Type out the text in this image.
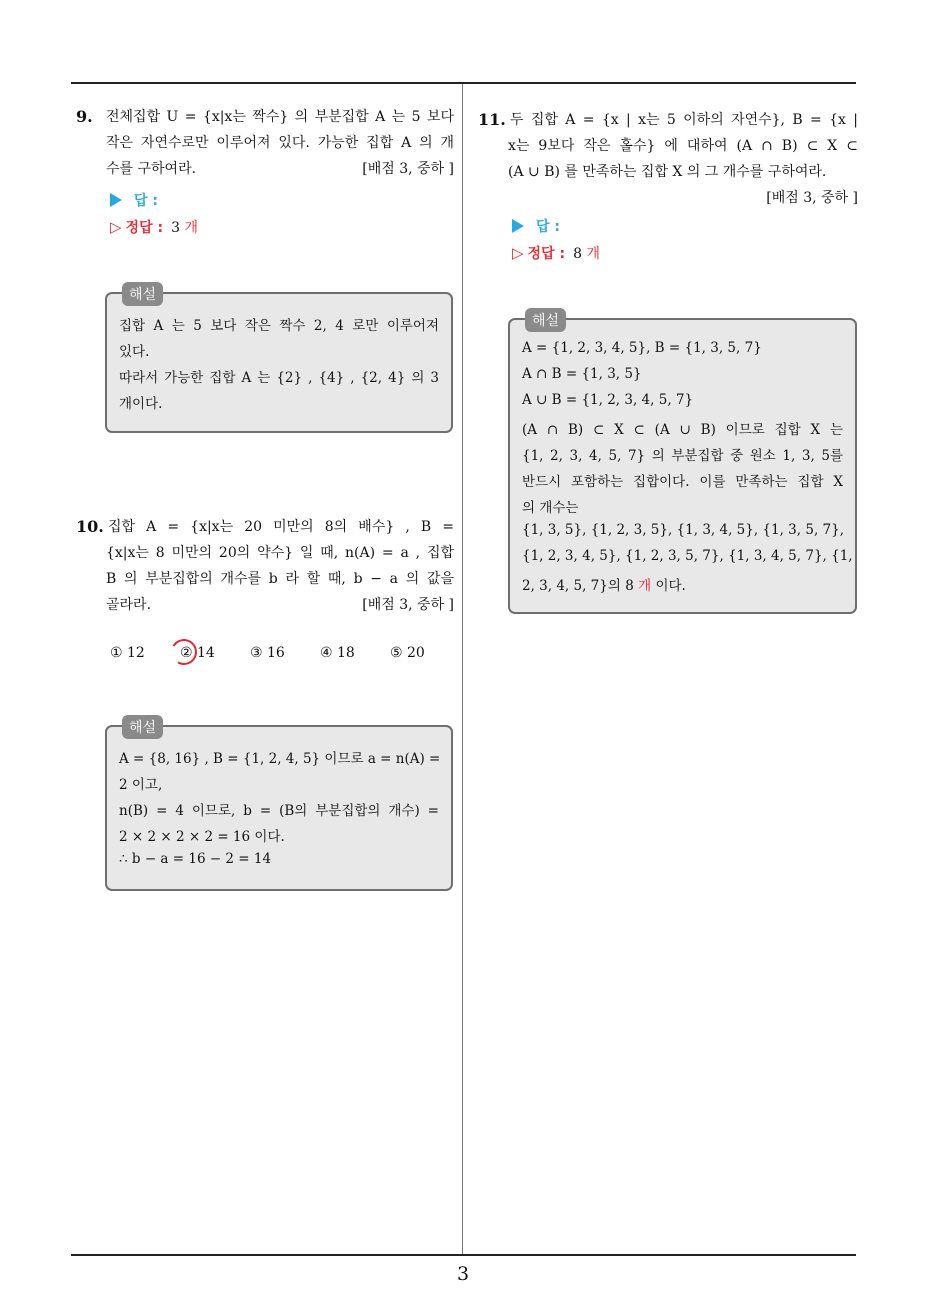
9. 전체집합 U = {x|x는 짝수} 의 부분집합 A 는 5 보다
작은 자연수로만 이루어져 있다. 가능한 집합 A 의 개
수를 구하여라.	[배점 3, 중하 ]
답 :
▷ 정답 : 3 개
해설
집합 A 는 5 보다 작은 짝수 2, 4 로만 이루어져
있다.
따라서 가능한 집합 A 는 {2} , {4} , {2, 4} 의 3
개이다.
10. 집합 A = {x|x는 20 미만의 8의 배수} , B =
{x|x는 8 미만의 20의 약수} 일 때, n(A) = a , 집합
B 의 부분집합의 개수를 b 라 할 때, b − a 의 값을
골라라.	[배점 3, 중하 ]
① 12	② 14	③ 16	④ 18	⑤ 20
해설
A = {8, 16} , B = {1, 2, 4, 5} 이므로 a = n(A) =
2 이고,
n(B) = 4 이므로, b = (B의 부분집합의 개수) =
2 × 2 × 2 × 2 = 16 이다.
∴ b − a = 16 − 2 = 14
11. 두 집합 A = {x | x는 5 이하의 자연수}, B = {x |
x는 9보다 작은 홀수} 에 대하여 (A ∩ B) ⊂ X ⊂
(A ∪ B) 를 만족하는 집합 X 의 그 개수를 구하여라.
[배점 3, 중하 ]
답 :
▷ 정답 : 8 개
해설
A = {1, 2, 3, 4, 5}, B = {1, 3, 5, 7}
A ∩ B = {1, 3, 5}
A ∪ B = {1, 2, 3, 4, 5, 7}
(A ∩ B) ⊂ X ⊂ (A ∪ B) 이므로 집합 X 는
{1, 2, 3, 4, 5, 7} 의 부분집합 중 원소 1, 3, 5를
반드시 포함하는 집합이다. 이를 만족하는 집합 X
의 개수는
{1, 3, 5}, {1, 2, 3, 5}, {1, 3, 4, 5}, {1, 3, 5, 7},
{1, 2, 3, 4, 5}, {1, 2, 3, 5, 7}, {1, 3, 4, 5, 7}, {1,
2, 3, 4, 5, 7}의 8 개 이다.
3
